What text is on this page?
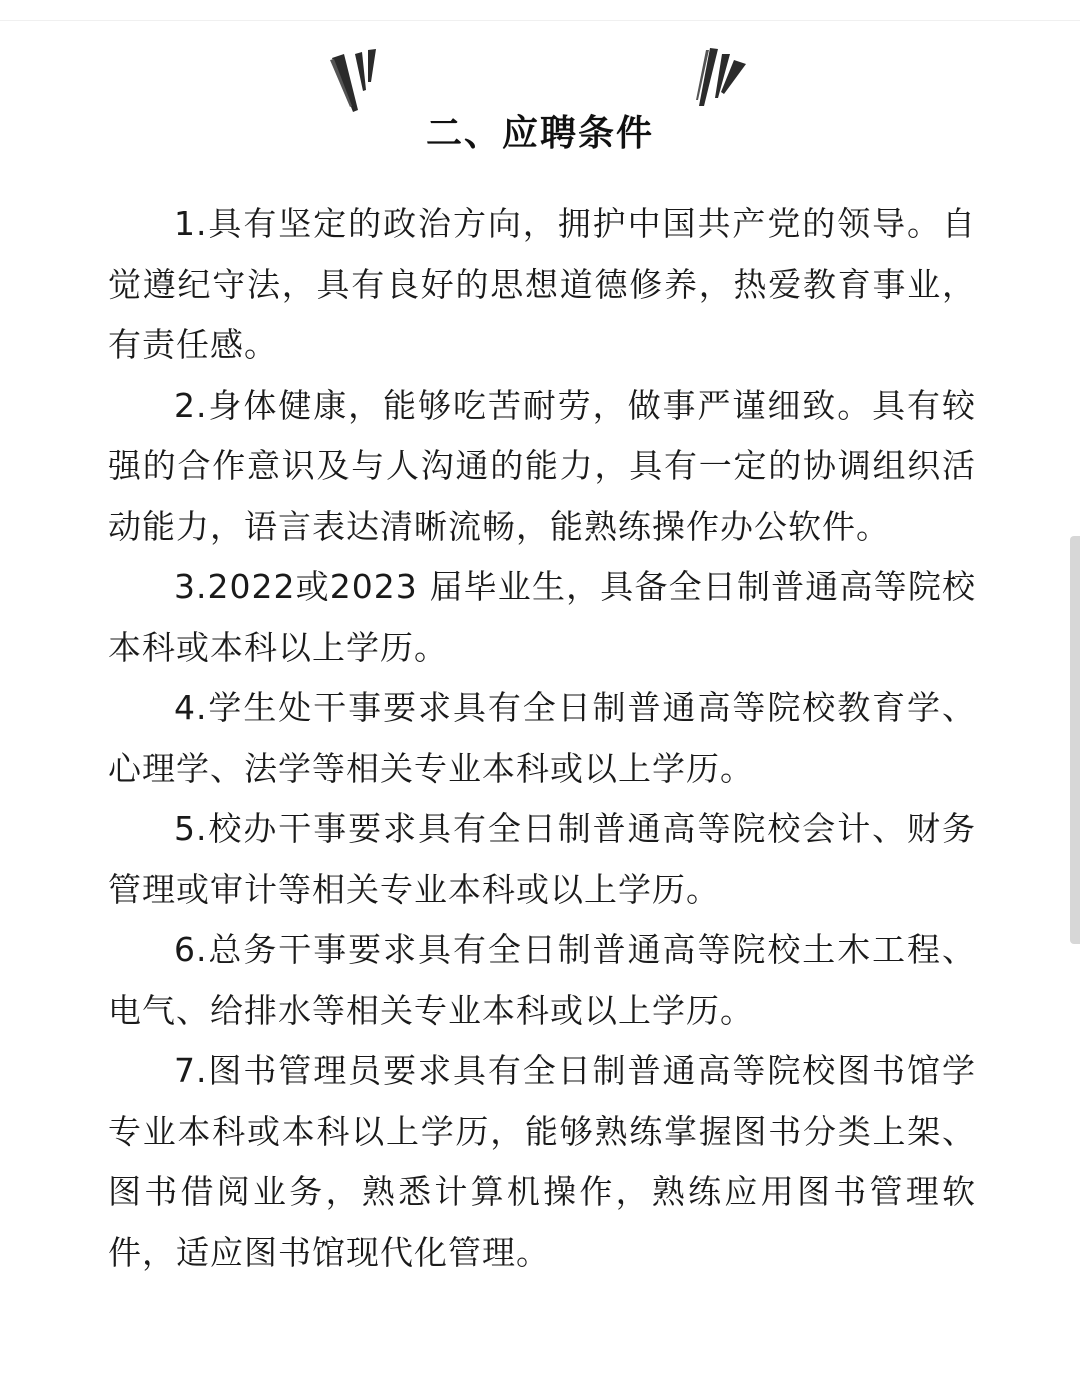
二、应聘条件

1.具有坚定的政治方向，拥护中国共产党的领导。自觉遵纪守法，具有良好的思想道德修养，热爱教育事业，有责任感。

2.身体健康，能够吃苦耐劳，做事严谨细致。具有较强的合作意识及与人沟通的能力，具有一定的协调组织活动能力，语言表达清晰流畅，能熟练操作办公软件。

3.2022或2023 届毕业生，具备全日制普通高等院校本科或本科以上学历。

4.学生处干事要求具有全日制普通高等院校教育学、心理学、法学等相关专业本科或以上学历。

5.校办干事要求具有全日制普通高等院校会计、财务管理或审计等相关专业本科或以上学历。

6.总务干事要求具有全日制普通高等院校土木工程、电气、给排水等相关专业本科或以上学历。

7.图书管理员要求具有全日制普通高等院校图书馆学专业本科或本科以上学历，能够熟练掌握图书分类上架、图书借阅业务，熟悉计算机操作，熟练应用图书管理软件，适应图书馆现代化管理。
